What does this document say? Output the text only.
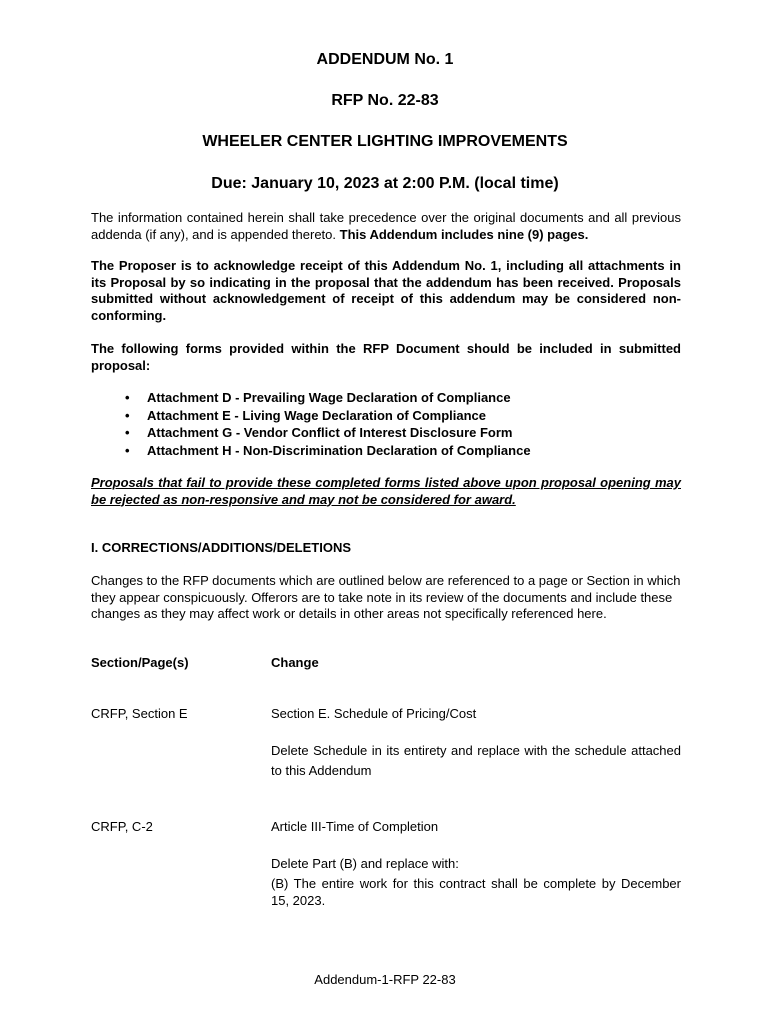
ADDENDUM No. 1

RFP No. 22-83

WHEELER CENTER LIGHTING IMPROVEMENTS

Due: January 10, 2023 at 2:00 P.M. (local time)

The information contained herein shall take precedence over the original documents and all previous addenda (if any), and is appended thereto. This Addendum includes nine (9) pages.

The Proposer is to acknowledge receipt of this Addendum No. 1, including all attachments in its Proposal by so indicating in the proposal that the addendum has been received. Proposals submitted without acknowledgement of receipt of this addendum may be considered non-conforming.

The following forms provided within the RFP Document should be included in submitted proposal:

• Attachment D - Prevailing Wage Declaration of Compliance
• Attachment E - Living Wage Declaration of Compliance
• Attachment G - Vendor Conflict of Interest Disclosure Form
• Attachment H - Non-Discrimination Declaration of Compliance

Proposals that fail to provide these completed forms listed above upon proposal opening may be rejected as non-responsive and may not be considered for award.

I. CORRECTIONS/ADDITIONS/DELETIONS

Changes to the RFP documents which are outlined below are referenced to a page or Section in which they appear conspicuously. Offerors are to take note in its review of the documents and include these changes as they may affect work or details in other areas not specifically referenced here.

Section/Page(s)	Change

CRFP, Section E	Section E. Schedule of Pricing/Cost

Delete Schedule in its entirety and replace with the schedule attached to this Addendum

CRFP, C-2	Article III-Time of Completion

Delete Part (B) and replace with:

(B) The entire work for this contract shall be complete by December 15, 2023.

Addendum-1-RFP 22-83
